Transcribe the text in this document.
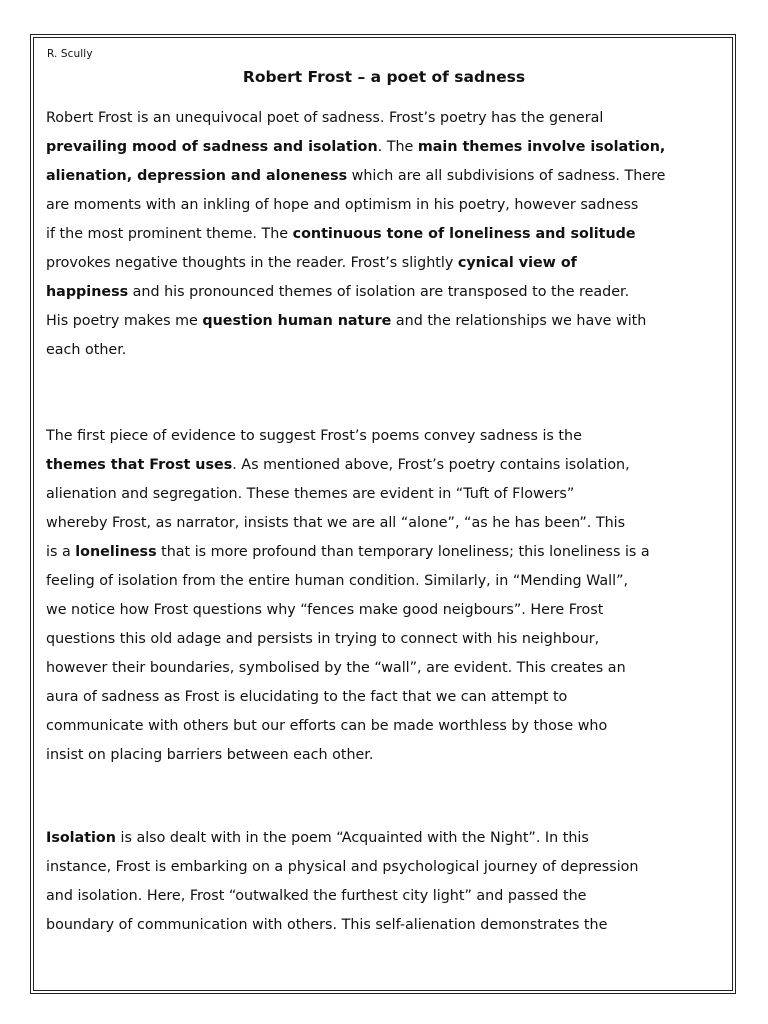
R. Scully
Robert Frost – a poet of sadness
Robert Frost is an unequivocal poet of sadness. Frost’s poetry has the general
prevailing mood of sadness and isolation. The main themes involve isolation,
alienation, depression and aloneness which are all subdivisions of sadness. There
are moments with an inkling of hope and optimism in his poetry, however sadness
if the most prominent theme. The continuous tone of loneliness and solitude
provokes negative thoughts in the reader. Frost’s slightly cynical view of
happiness and his pronounced themes of isolation are transposed to the reader.
His poetry makes me question human nature and the relationships we have with
each other.
The first piece of evidence to suggest Frost’s poems convey sadness is the
themes that Frost uses. As mentioned above, Frost’s poetry contains isolation,
alienation and segregation. These themes are evident in “Tuft of Flowers”
whereby Frost, as narrator, insists that we are all “alone”, “as he has been”. This
is a loneliness that is more profound than temporary loneliness; this loneliness is a
feeling of isolation from the entire human condition. Similarly, in “Mending Wall”,
we notice how Frost questions why “fences make good neigbours”. Here Frost
questions this old adage and persists in trying to connect with his neighbour,
however their boundaries, symbolised by the “wall”, are evident. This creates an
aura of sadness as Frost is elucidating to the fact that we can attempt to
communicate with others but our efforts can be made worthless by those who
insist on placing barriers between each other.
Isolation is also dealt with in the poem “Acquainted with the Night”. In this
instance, Frost is embarking on a physical and psychological journey of depression
and isolation. Here, Frost “outwalked the furthest city light” and passed the
boundary of communication with others. This self-alienation demonstrates the
